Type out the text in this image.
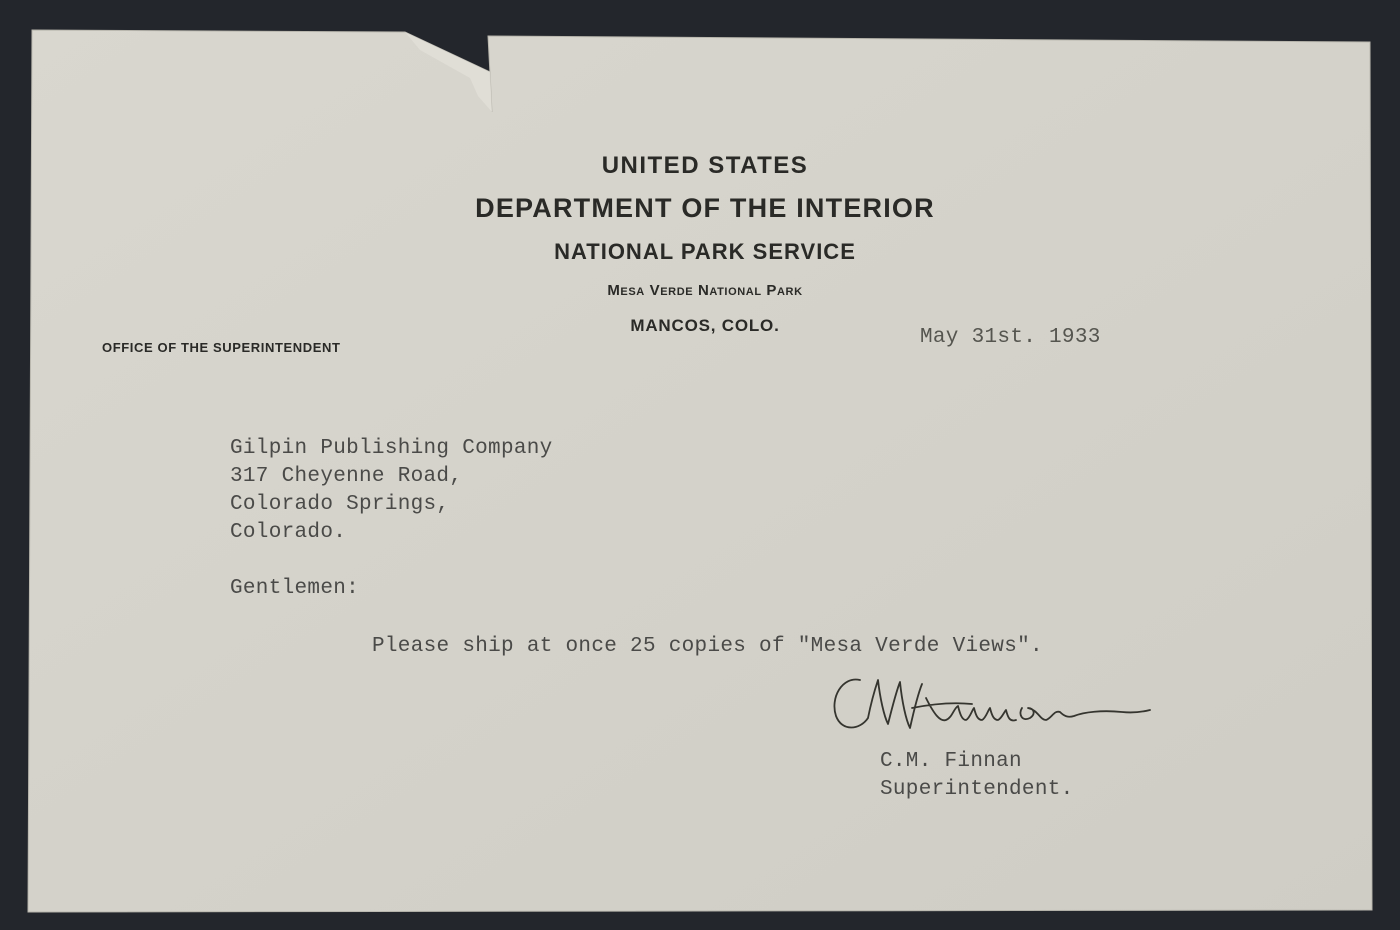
UNITED STATES
DEPARTMENT OF THE INTERIOR
NATIONAL PARK SERVICE
Mesa Verde National Park
MANCOS, COLO.
OFFICE OF THE SUPERINTENDENT	May 31st. 1933
Gilpin Publishing Company
317 Cheyenne Road,
Colorado Springs,
Colorado.
Gentlemen:
Please ship at once 25 copies of "Mesa Verde Views".
C.M. Finnan
Superintendent.
